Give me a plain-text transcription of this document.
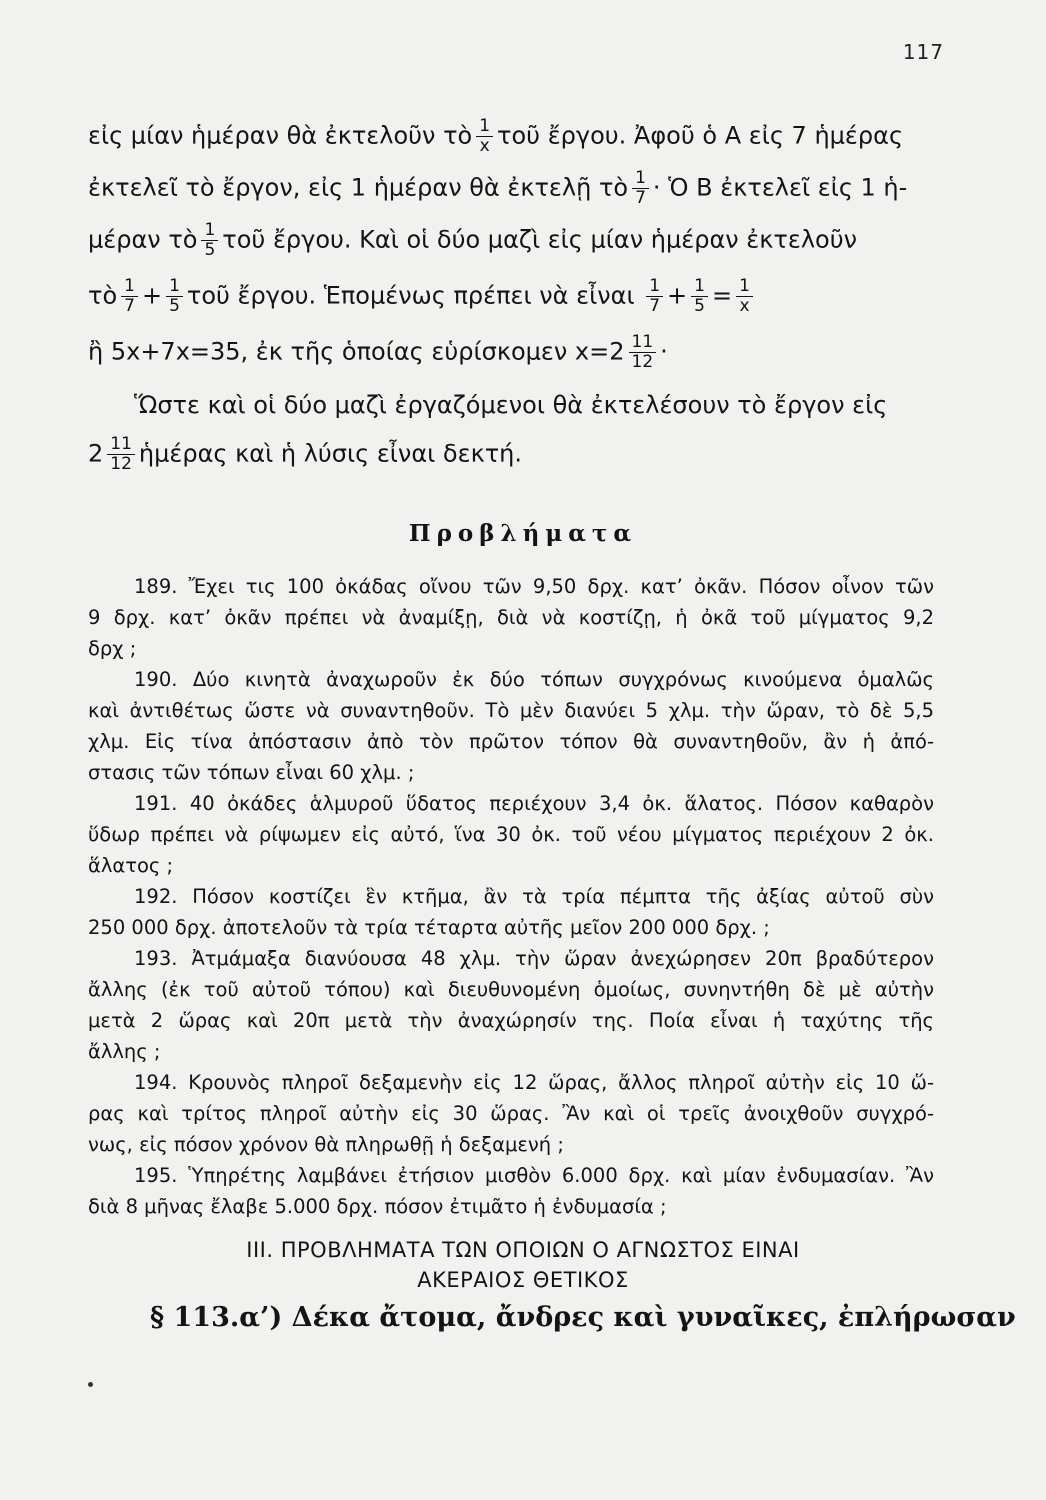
117
εἰς μίαν ἡμέραν θὰ ἐκτελοῦν τὸ $\frac{1}{x}$ τοῦ ἔργου. Ἀφοῦ ὁ Α εἰς 7 ἡμέρας
ἐκτελεῖ τὸ ἔργον, εἰς 1 ἡμέραν θὰ ἐκτελῇ τὸ $\frac{1}{7}$ · Ὁ Β ἐκτελεῖ εἰς 1 ἡ-
μέραν τὸ $\frac{1}{5}$ τοῦ ἔργου. Καὶ οἱ δύο μαζὶ εἰς μίαν ἡμέραν ἐκτελοῦν
τὸ $\frac{1}{7} + \frac{1}{5}$ τοῦ ἔργου. Ἑπομένως πρέπει νὰ εἶναι $\frac{1}{7} + \frac{1}{5} = \frac{1}{x}$
ἢ 5x+7x=35, ἐκ τῆς ὁποίας εὑρίσκομεν $x=2 \frac{11}{12}$ ·
Ὥστε καὶ οἱ δύο μαζὶ ἐργαζόμενοι θὰ ἐκτελέσουν τὸ ἔργον εἰς
$2 \frac{11}{12}$ ἡμέρας καὶ ἡ λύσις εἶναι δεκτή.
Προβλήματα
189. Ἔχει τις 100 ὀκάδας οἴνου τῶν 9,50 δρχ. κατ’ ὀκᾶν. Πόσον οἶνον τῶν
9 δρχ. κατ’ ὀκᾶν πρέπει νὰ ἀναμίξῃ, διὰ νὰ κοστίζῃ, ἡ ὀκᾶ τοῦ μίγματος 9,2
δρχ ;
190. Δύο κινητὰ ἀναχωροῦν ἐκ δύο τόπων συγχρόνως κινούμενα ὁμαλῶς
καὶ ἀντιθέτως ὥστε νὰ συναντηθοῦν. Τὸ μὲν διανύει 5 χλμ. τὴν ὥραν, τὸ δὲ 5,5
χλμ. Εἰς τίνα ἀπόστασιν ἀπὸ τὸν πρῶτον τόπον θὰ συναντηθοῦν, ἂν ἡ ἀπό-
στασις τῶν τόπων εἶναι 60 χλμ. ;
191. 40 ὀκάδες ἁλμυροῦ ὕδατος περιέχουν 3,4 ὀκ. ἅλατος. Πόσον καθαρὸν
ὕδωρ πρέπει νὰ ρίψωμεν εἰς αὐτό, ἵνα 30 ὀκ. τοῦ νέου μίγματος περιέχουν 2 ὀκ.
ἅλατος ;
192. Πόσον κοστίζει ἓν κτῆμα, ἂν τὰ τρία πέμπτα τῆς ἀξίας αὐτοῦ σὺν
250 000 δρχ. ἀποτελοῦν τὰ τρία τέταρτα αὐτῆς μεῖον 200 000 δρχ. ;
193. Ἀτμάμαξα διανύουσα 48 χλμ. τὴν ὥραν ἀνεχώρησεν 20π βραδύτερον
ἄλλης (ἐκ τοῦ αὐτοῦ τόπου) καὶ διευθυνομένη ὁμοίως, συνηντήθη δὲ μὲ αὐτὴν
μετὰ 2 ὥρας καὶ 20π μετὰ τὴν ἀναχώρησίν της. Ποία εἶναι ἡ ταχύτης τῆς
ἄλλης ;
194. Κρουνὸς πληροῖ δεξαμενὴν εἰς 12 ὥρας, ἄλλος πληροῖ αὐτὴν εἰς 10 ὥ-
ρας καὶ τρίτος πληροῖ αὐτὴν εἰς 30 ὥρας. Ἂν καὶ οἱ τρεῖς ἀνοιχθοῦν συγχρό-
νως, εἰς πόσον χρόνον θὰ πληρωθῇ ἡ δεξαμενή ;
195. Ὑπηρέτης λαμβάνει ἐτήσιον μισθὸν 6.000 δρχ. καὶ μίαν ἐνδυμασίαν. Ἂν
διὰ 8 μῆνας ἔλαβε 5.000 δρχ. πόσον ἐτιμᾶτο ἡ ἐνδυμασία ;
III. ΠΡΟΒΛΗΜΑΤΑ ΤΩΝ ΟΠΟΙΩΝ Ο ΑΓΝΩΣΤΟΣ ΕΙΝΑΙ
ΑΚΕΡΑΙΟΣ ΘΕΤΙΚΟΣ
§ 113. α’) Δέκα ἄτομα, ἄνδρες καὶ γυναῖκες, ἐπλήρωσαν
